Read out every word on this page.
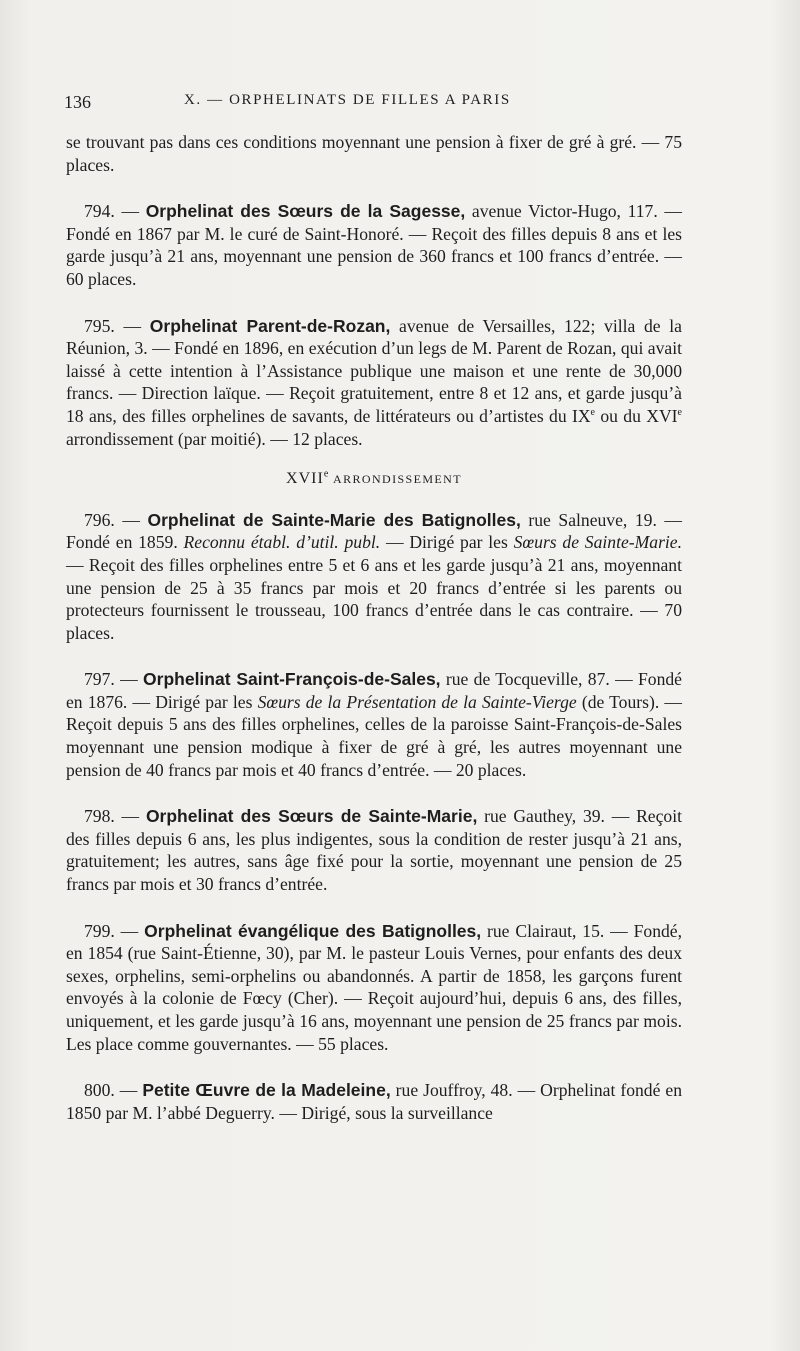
136	X. — ORPHELINATS DE FILLES A PARIS

se trouvant pas dans ces conditions moyennant une pension à fixer de gré à gré. — 75 places.

794. — Orphelinat des Sœurs de la Sagesse, avenue Victor-Hugo, 117. — Fondé en 1867 par M. le curé de Saint-Honoré. — Reçoit des filles depuis 8 ans et les garde jusqu’à 21 ans, moyennant une pension de 360 francs et 100 francs d’entrée. — 60 places.

795. — Orphelinat Parent-de-Rozan, avenue de Versailles, 122; villa de la Réunion, 3. — Fondé en 1896, en exécution d’un legs de M. Parent de Rozan, qui avait laissé à cette intention à l’Assistance publique une maison et une rente de 30,000 francs. — Direction laïque. — Reçoit gratuitement, entre 8 et 12 ans, et garde jusqu’à 18 ans, des filles orphelines de savants, de littérateurs ou d’artistes du IXe ou du XVIe arrondissement (par moitié). — 12 places.

XVIIe ARRONDISSEMENT

796. — Orphelinat de Sainte-Marie des Batignolles, rue Salneuve, 19. — Fondé en 1859. Reconnu établ. d’util. publ. — Dirigé par les Sœurs de Sainte-Marie. — Reçoit des filles orphelines entre 5 et 6 ans et les garde jusqu’à 21 ans, moyennant une pension de 25 à 35 francs par mois et 20 francs d’entrée si les parents ou protecteurs fournissent le trousseau, 100 francs d’entrée dans le cas contraire. — 70 places.

797. — Orphelinat Saint-François-de-Sales, rue de Tocqueville, 87. — Fondé en 1876. — Dirigé par les Sœurs de la Présentation de la Sainte-Vierge (de Tours). — Reçoit depuis 5 ans des filles orphelines, celles de la paroisse Saint-François-de-Sales moyennant une pension modique à fixer de gré à gré, les autres moyennant une pension de 40 francs par mois et 40 francs d’entrée. — 20 places.

798. — Orphelinat des Sœurs de Sainte-Marie, rue Gauthey, 39. — Reçoit des filles depuis 6 ans, les plus indigentes, sous la condition de rester jusqu’à 21 ans, gratuitement; les autres, sans âge fixé pour la sortie, moyennant une pension de 25 francs par mois et 30 francs d’entrée.

799. — Orphelinat évangélique des Batignolles, rue Clairaut, 15. — Fondé, en 1854 (rue Saint-Étienne, 30), par M. le pasteur Louis Vernes, pour enfants des deux sexes, orphelins, semi-orphelins ou abandonnés. A partir de 1858, les garçons furent envoyés à la colonie de Fœcy (Cher). — Reçoit aujourd’hui, depuis 6 ans, des filles, uniquement, et les garde jusqu’à 16 ans, moyennant une pension de 25 francs par mois. Les place comme gouvernantes. — 55 places.

800. — Petite Œuvre de la Madeleine, rue Jouffroy, 48. — Orphelinat fondé en 1850 par M. l’abbé Deguerry. — Dirigé, sous la surveillance
